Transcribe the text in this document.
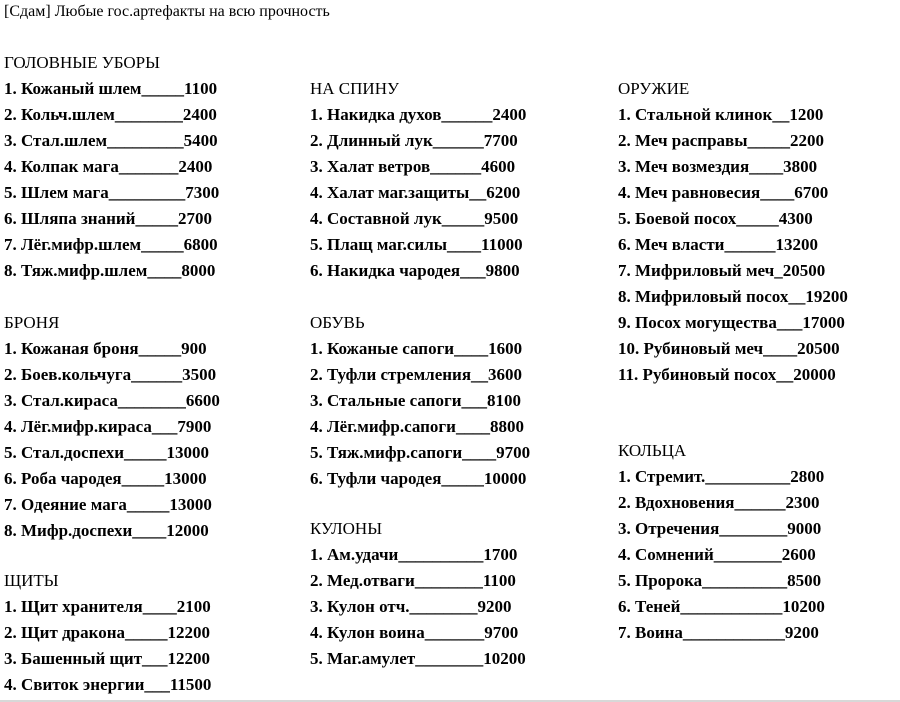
[Сдам] Любые гос.артефакты на всю прочность
ГОЛОВНЫЕ УБОРЫ
1. Кожаный шлем_____1100
2. Кольч.шлем________2400
3. Стал.шлем_________5400
4. Колпак мага_______2400
5. Шлем мага_________7300
6. Шляпа знаний_____2700
7. Лёг.мифр.шлем_____6800
8. Тяж.мифр.шлем____8000
БРОНЯ
1. Кожаная броня_____900
2. Боев.кольчуга______3500
3. Стал.кираса________6600
4. Лёг.мифр.кираса___7900
5. Стал.доспехи_____13000
6. Роба чародея_____13000
7. Одеяние мага_____13000
8. Мифр.доспехи____12000
ЩИТЫ
1. Щит хранителя____2100
2. Щит дракона_____12200
3. Башенный щит___12200
4. Свиток энергии___11500
НА СПИНУ
1. Накидка духов______2400
2. Длинный лук______7700
3. Халат ветров______4600
4. Халат маг.защиты__6200
4. Составной лук_____9500
5. Плащ маг.силы____11000
6. Накидка чародея___9800
ОБУВЬ
1. Кожаные сапоги____1600
2. Туфли стремления__3600
3. Стальные сапоги___8100
4. Лёг.мифр.сапоги____8800
5. Тяж.мифр.сапоги____9700
6. Туфли чародея_____10000
КУЛОНЫ
1. Ам.удачи__________1700
2. Мед.отваги________1100
3. Кулон отч.________9200
4. Кулон воина_______9700
5. Маг.амулет________10200
ОРУЖИЕ
1. Стальной клинок__1200
2. Меч расправы_____2200
3. Меч возмездия____3800
4. Меч равновесия____6700
5. Боевой посох_____4300
6. Меч власти______13200
7. Мифриловый меч_20500
8. Мифриловый посох__19200
9. Посох могущества___17000
10. Рубиновый меч____20500
11. Рубиновый посох__20000
КОЛЬЦА
1. Стремит.__________2800
2. Вдохновения______2300
3. Отречения________9000
4. Сомнений________2600
5. Пророка__________8500
6. Теней____________10200
7. Воина____________9200
